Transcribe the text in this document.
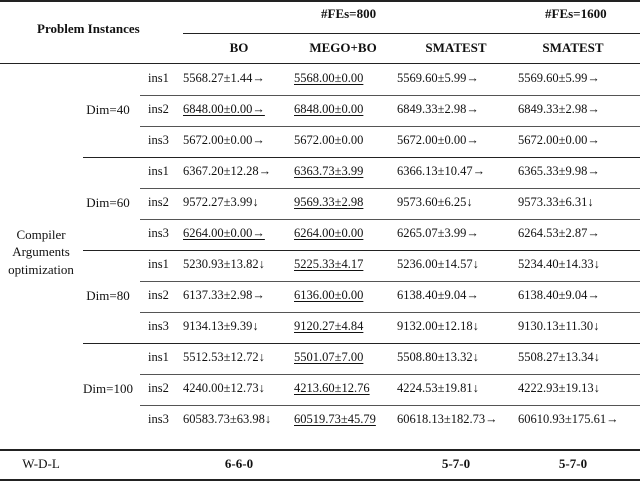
Problem Instances
#FEs=800	#FEs=1600
BO	MEGO+BO	SMATEST	SMATEST
Compiler
Arguments
optimization
W-D-L	6-6-0	5-7-0	5-7-0
Dim=40
ins1 5568.27±1.44→ 5568.00±0.00	5569.60±5.99→	5569.60±5.99→
ins2 6848.00±0.00→ 6848.00±0.00	6849.33±2.98→	6849.33±2.98→
ins3 5672.00±0.00→ 5672.00±0.00	5672.00±0.00→	5672.00±0.00→
Dim=60
ins1 6367.20±12.28→ 6363.73±3.99	6366.13±10.47→	6365.33±9.98→
ins2 9572.27±3.99↓	9569.33±2.98	9573.60±6.25↓	9573.33±6.31↓
ins3 6264.00±0.00→ 6264.00±0.00	6265.07±3.99→	6264.53±2.87→
Dim=80
ins1 5230.93±13.82↓ 5225.33±4.17	5236.00±14.57↓	5234.40±14.33↓
ins2 6137.33±2.98→ 6136.00±0.00	6138.40±9.04→	6138.40±9.04→
ins3 9134.13±9.39↓	9120.27±4.84	9132.00±12.18↓	9130.13±11.30↓
Dim=100
ins1 5512.53±12.72↓ 5501.07±7.00	5508.80±13.32↓	5508.27±13.34↓
ins2 4240.00±12.73↓ 4213.60±12.76 4224.53±19.81↓	4222.93±19.13↓
ins3 60583.73±63.98↓ 60519.73±45.79 60618.13±182.73→ 60610.93±175.61→
